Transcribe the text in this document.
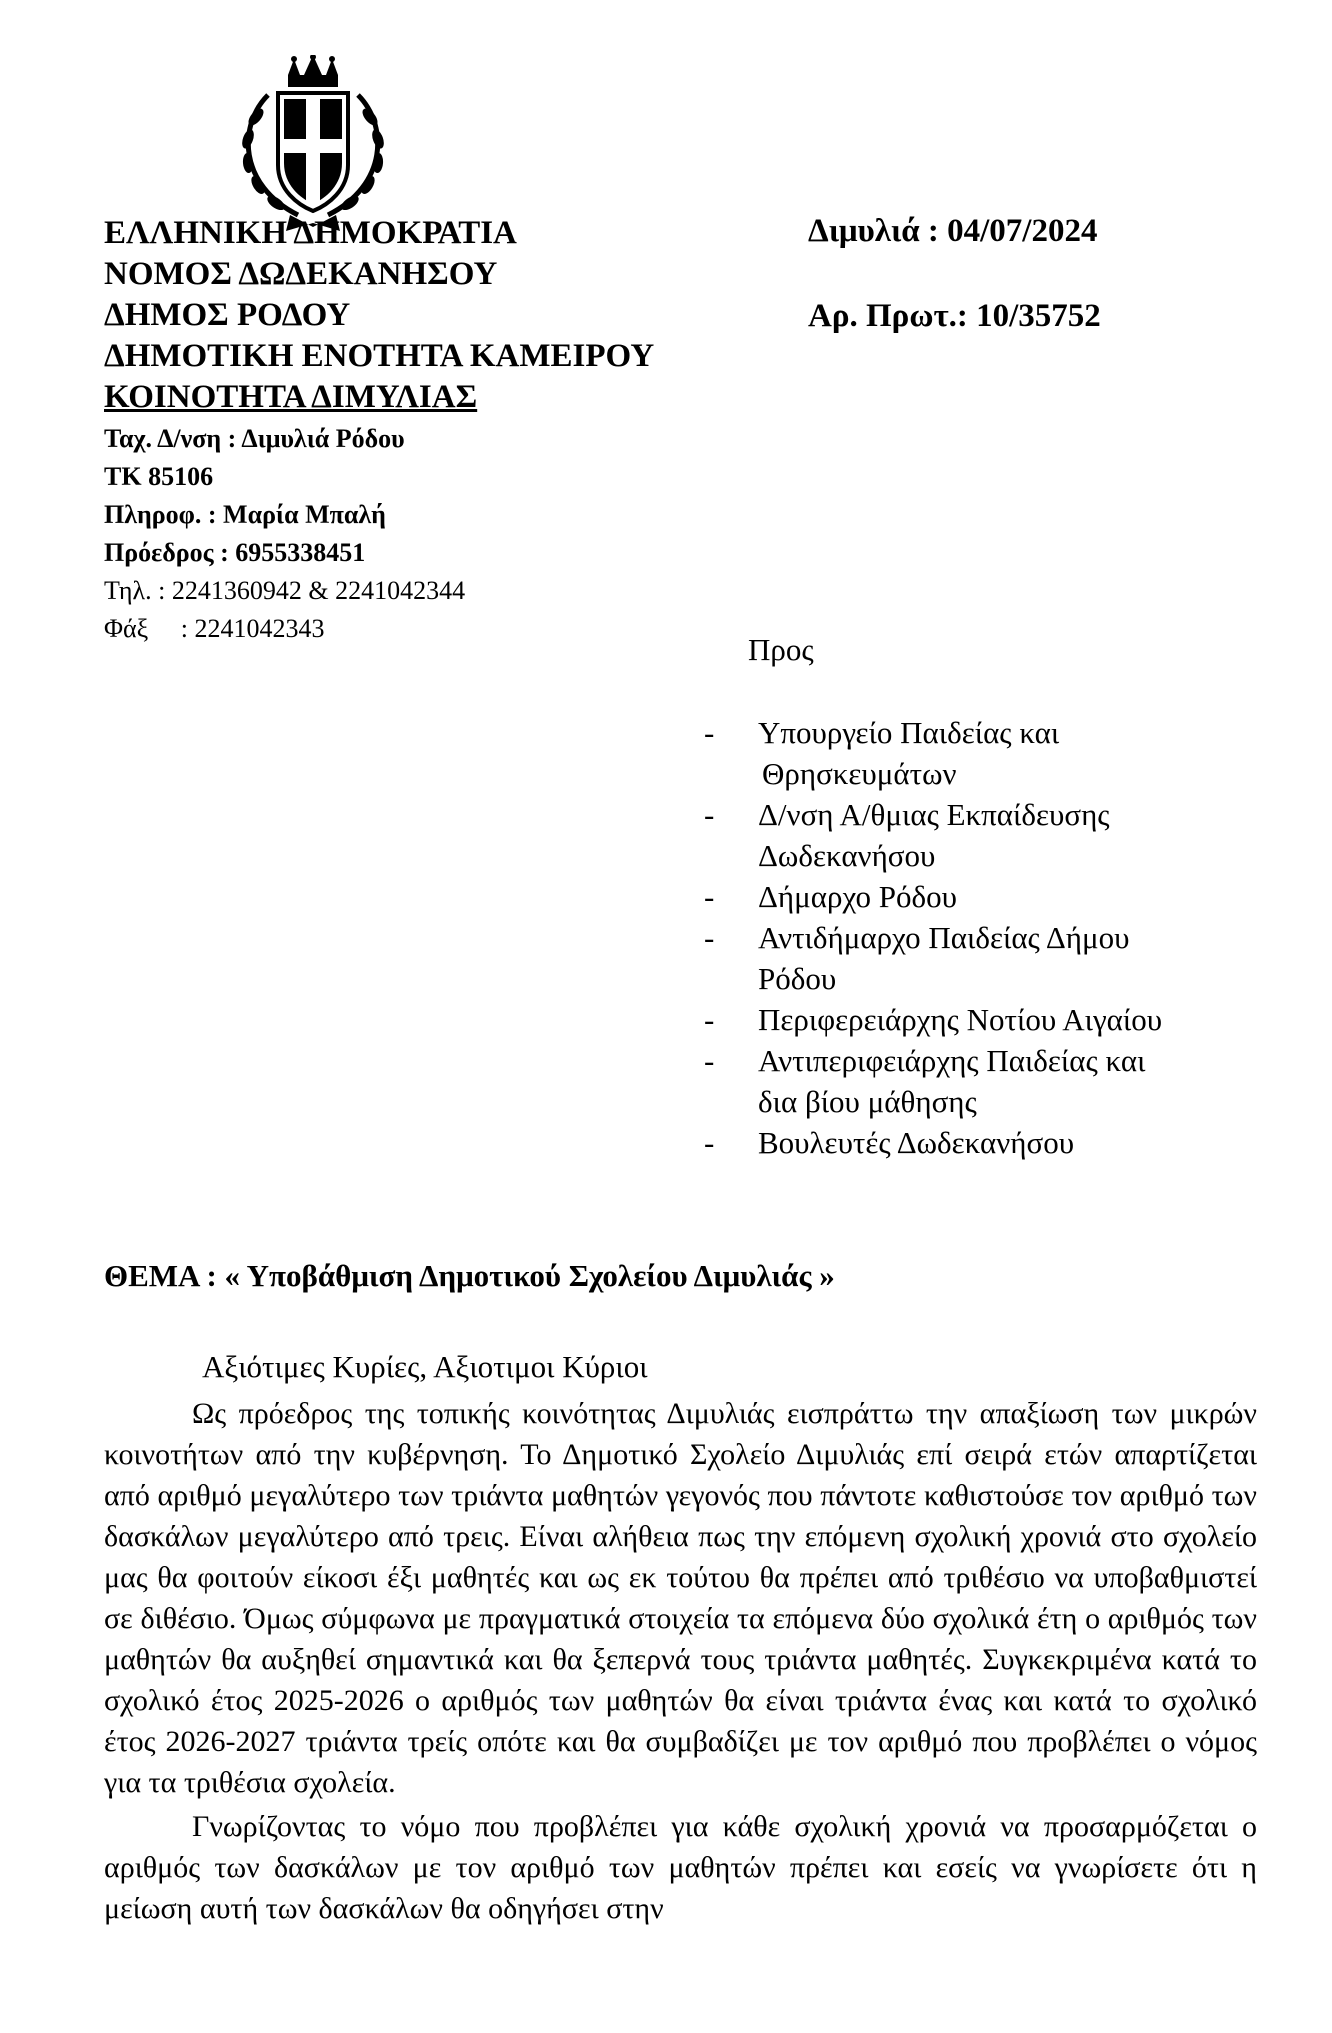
ΕΛΛΗΝΙΚΗ ΔΗΜΟΚΡΑΤΙΑ

ΝΟΜΟΣ ΔΩΔΕΚΑΝΗΣΟΥ

ΔΗΜΟΣ ΡΟΔΟΥ

ΔΗΜΟΤΙΚΗ ΕΝΟΤΗΤΑ ΚΑΜΕΙΡΟΥ

ΚΟΙΝΟΤΗΤΑ ΔΙΜΥΛΙΑΣ

Ταχ. Δ/νση : Διμυλιά Ρόδου

ΤΚ 85106

Πληροφ. : Μαρία Μπαλή

Πρόεδρος : 6955338451

Τηλ. : 2241360942 & 2241042344

Φάξ     : 2241042343

Διμυλιά : 04/07/2024
Αρ. Πρωτ.: 10/35752
Προς
- Υπουργείο Παιδείας και
Θρησκευμάτων
- Δ/νση Α/θμιας Εκπαίδευσης
Δωδεκανήσου
- Δήμαρχο Ρόδου
- Αντιδήμαρχο Παιδείας Δήμου
Ρόδου
- Περιφερειάρχης Νοτίου Αιγαίου
- Αντιπεριφειάρχης Παιδείας και
δια βίου μάθησης
- Βουλευτές Δωδεκανήσου
ΘΕΜΑ : « Υποβάθμιση Δημοτικού Σχολείου Διμυλιάς »
Αξιότιμες Κυρίες, Αξιοτιμοι Κύριοι

Ως πρόεδρος της τοπικής κοινότητας Διμυλιάς εισπράττω την απαξίωση των μικρών κοινοτήτων από την κυβέρνηση. Το Δημοτικό Σχολείο Διμυλιάς επί σειρά ετών απαρτίζεται από αριθμό μεγαλύτερο των τριάντα μαθητών γεγονός που πάντοτε καθιστούσε τον αριθμό των δασκάλων μεγαλύτερο από τρεις. Είναι αλήθεια πως την επόμενη σχολική χρονιά στο σχολείο μας θα φοιτούν είκοσι έξι μαθητές και ως εκ τούτου θα πρέπει από τριθέσιο να υποβαθμιστεί σε διθέσιο. Όμως σύμφωνα με πραγματικά στοιχεία τα επόμενα δύο σχολικά έτη ο αριθμός των μαθητών θα αυξηθεί σημαντικά και θα ξεπερνά τους τριάντα μαθητές. Συγκεκριμένα κατά το σχολικό έτος 2025-2026 ο αριθμός των μαθητών θα είναι τριάντα ένας και κατά το σχολικό έτος 2026-2027 τριάντα τρείς οπότε και θα συμβαδίζει με τον αριθμό που προβλέπει ο νόμος για τα τριθέσια σχολεία.

Γνωρίζοντας το νόμο που προβλέπει για κάθε σχολική χρονιά να προσαρμόζεται ο αριθμός των δασκάλων με τον αριθμό των μαθητών πρέπει και εσείς να γνωρίσετε ότι η μείωση αυτή των δασκάλων θα οδηγήσει στην
